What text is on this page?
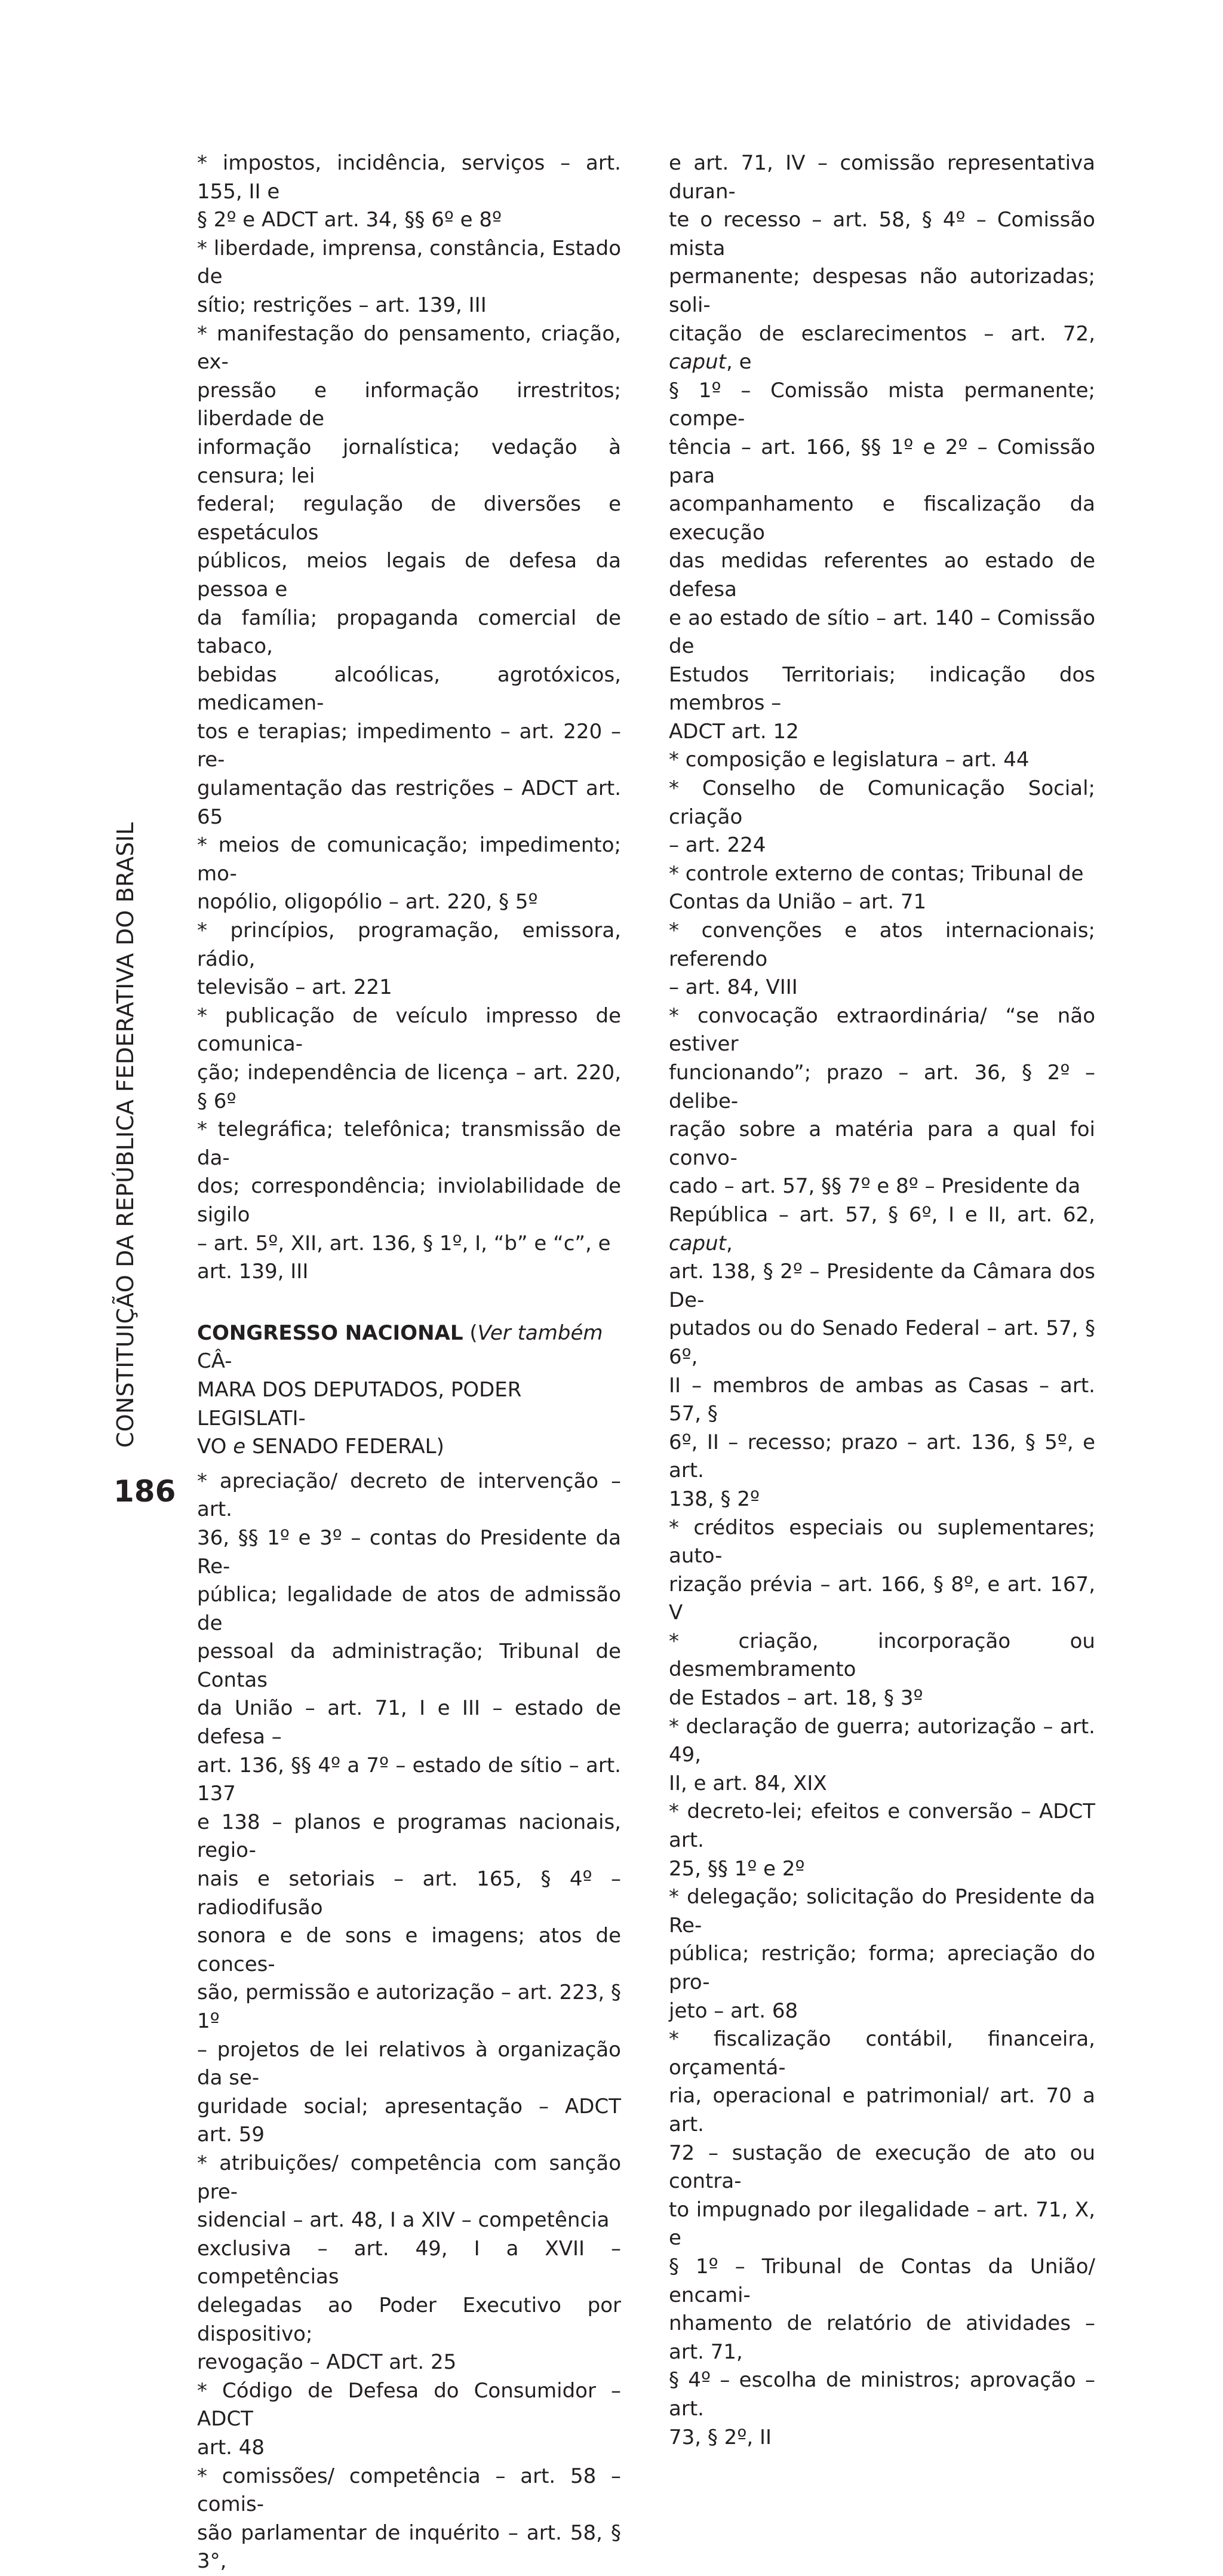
CONSTITUIÇÃO DA REPÚBLICA FEDERATIVA DO BRASIL
186

* impostos, incidência, serviços – art. 155, II e
§ 2º e ADCT art. 34, §§ 6º e 8º

* liberdade, imprensa, constância, Estado de
sítio; restrições – art. 139, III

* manifestação do pensamento, criação, ex-
pressão e informação irrestritos; liberdade de
informação jornalística; vedação à censura; lei
federal; regulação de diversões e espetáculos
públicos, meios legais de defesa da pessoa e
da família; propaganda comercial de tabaco,
bebidas alcoólicas, agrotóxicos, medicamen-
tos e terapias; impedimento – art. 220 – re-
gulamentação das restrições – ADCT art. 65

* meios de comunicação; impedimento; mo-
nopólio, oligopólio – art. 220, § 5º

* princípios, programação, emissora, rádio,
televisão – art. 221

* publicação de veículo impresso de comunica-
ção; independência de licença – art. 220, § 6º

* telegráfica; telefônica; transmissão de da-
dos; correspondência; inviolabilidade de sigilo
– art. 5º, XII, art. 136, § 1º, I, “b” e “c”, e
art. 139, III

CONGRESSO NACIONAL (Ver também CÂ-
MARA DOS DEPUTADOS, PODER LEGISLATI-
VO e SENADO FEDERAL)

* apreciação/ decreto de intervenção – art.
36, §§ 1º e 3º – contas do Presidente da Re-
pública; legalidade de atos de admissão de
pessoal da administração; Tribunal de Contas
da União – art. 71, I e III – estado de defesa –
art. 136, §§ 4º a 7º – estado de sítio – art. 137
e 138 – planos e programas nacionais, regio-
nais e setoriais – art. 165, § 4º – radiodifusão
sonora e de sons e imagens; atos de conces-
são, permissão e autorização – art. 223, § 1º
– projetos de lei relativos à organização da se-
guridade social; apresentação – ADCT art. 59

* atribuições/ competência com sanção pre-
sidencial – art. 48, I a XIV – competência
exclusiva – art. 49, I a XVII – competências
delegadas ao Poder Executivo por dispositivo;
revogação – ADCT art. 25

* Código de Defesa do Consumidor – ADCT
art. 48

* comissões/ competência – art. 58 – comis-
são parlamentar de inquérito – art. 58, § 3°,

e art. 71, IV – comissão representativa duran-
te o recesso – art. 58, § 4º – Comissão mista
permanente; despesas não autorizadas; soli-
citação de esclarecimentos – art. 72, caput, e
§ 1º – Comissão mista permanente; compe-
tência – art. 166, §§ 1º e 2º – Comissão para
acompanhamento e fiscalização da execução
das medidas referentes ao estado de defesa
e ao estado de sítio – art. 140 – Comissão de
Estudos Territoriais; indicação dos membros –
ADCT art. 12

* composição e legislatura – art. 44

* Conselho de Comunicação Social; criação
– art. 224

* controle externo de contas; Tribunal de
Contas da União – art. 71

* convenções e atos internacionais; referendo
– art. 84, VIII

* convocação extraordinária/ “se não estiver
funcionando”; prazo – art. 36, § 2º – delibe-
ração sobre a matéria para a qual foi convo-
cado – art. 57, §§ 7º e 8º – Presidente da
República – art. 57, § 6º, I e II, art. 62, caput,
art. 138, § 2º – Presidente da Câmara dos De-
putados ou do Senado Federal – art. 57, § 6º,
II – membros de ambas as Casas – art. 57, §
6º, II – recesso; prazo – art. 136, § 5º, e art.
138, § 2º

* créditos especiais ou suplementares; auto-
rização prévia – art. 166, § 8º, e art. 167, V

* criação, incorporação ou desmembramento
de Estados – art. 18, § 3º

* declaração de guerra; autorização – art. 49,
II, e art. 84, XIX

* decreto-lei; efeitos e conversão – ADCT art.
25, §§ 1º e 2º

* delegação; solicitação do Presidente da Re-
pública; restrição; forma; apreciação do pro-
jeto – art. 68

* fiscalização contábil, financeira, orçamentá-
ria, operacional e patrimonial/ art. 70 a art.
72 – sustação de execução de ato ou contra-
to impugnado por ilegalidade – art. 71, X, e
§ 1º – Tribunal de Contas da União/ encami-
nhamento de relatório de atividades – art. 71,
§ 4º – escolha de ministros; aprovação – art.
73, § 2º, II
